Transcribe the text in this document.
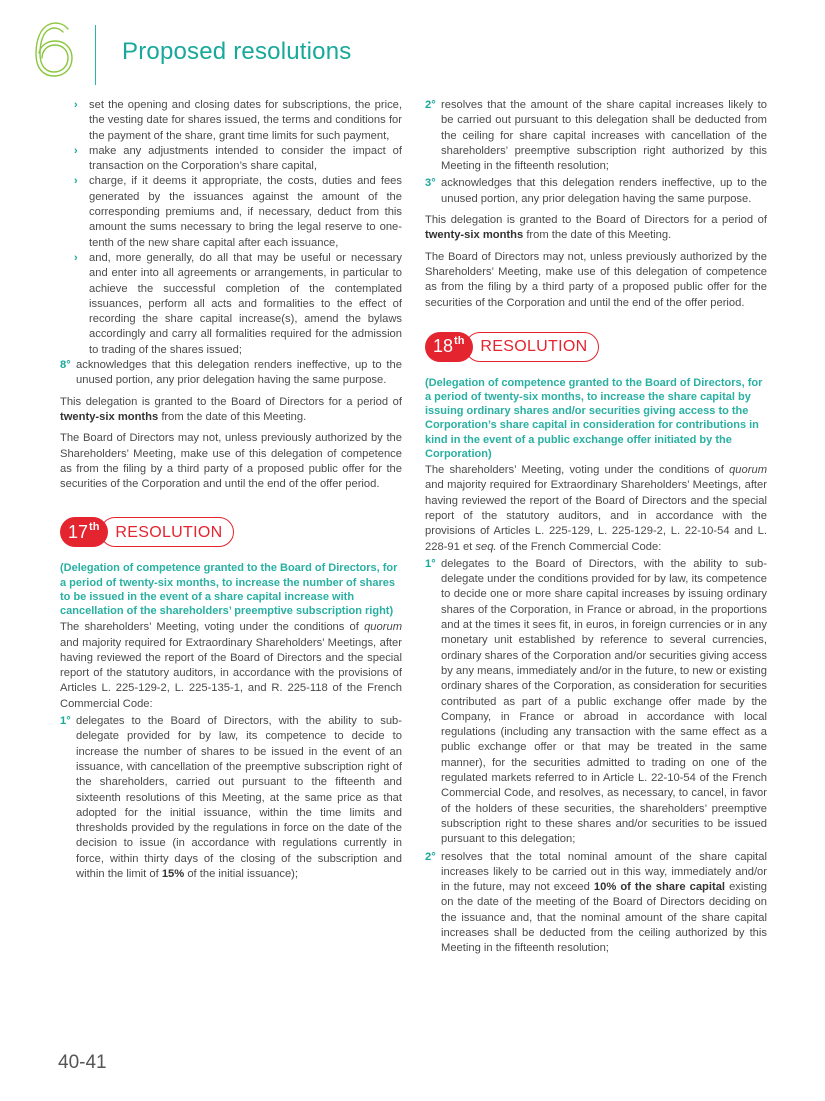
Proposed resolutions
› set the opening and closing dates for subscriptions, the price, the vesting date for shares issued, the terms and conditions for the payment of the share, grant time limits for such payment,
› make any adjustments intended to consider the impact of transaction on the Corporation’s share capital,
› charge, if it deems it appropriate, the costs, duties and fees generated by the issuances against the amount of the corresponding premiums and, if necessary, deduct from this amount the sums necessary to bring the legal reserve to one-tenth of the new share capital after each issuance,
› and, more generally, do all that may be useful or necessary and enter into all agreements or arrangements, in particular to achieve the successful completion of the contemplated issuances, perform all acts and formalities to the effect of recording the share capital increase(s), amend the bylaws accordingly and carry all formalities required for the admission to trading of the shares issued;
8° acknowledges that this delegation renders ineffective, up to the unused portion, any prior delegation having the same purpose.

This delegation is granted to the Board of Directors for a period of twenty-six months from the date of this Meeting.

The Board of Directors may not, unless previously authorized by the Shareholders’ Meeting, make use of this delegation of competence as from the filing by a third party of a proposed public offer for the securities of the Corporation and until the end of the offer period.

17th	RESOLUTION
(Delegation of competence granted to the Board of Directors, for a period of twenty-six months, to increase the number of shares to be issued in the event of a share capital increase with cancellation of the shareholders’ preemptive subscription right)

The shareholders’ Meeting, voting under the conditions of quorum and majority required for Extraordinary Shareholders’ Meetings, after having reviewed the report of the Board of Directors and the special report of the statutory auditors, in accordance with the provisions of Articles L. 225-129-2, L. 225-135-1, and R. 225-118 of the French Commercial Code:

1° delegates to the Board of Directors, with the ability to sub-delegate provided for by law, its competence to decide to increase the number of shares to be issued in the event of an issuance, with cancellation of the preemptive subscription right of the shareholders, carried out pursuant to the fifteenth and sixteenth resolutions of this Meeting, at the same price as that adopted for the initial issuance, within the time limits and thresholds provided by the regulations in force on the date of the decision to issue (in accordance with regulations currently in force, within thirty days of the closing of the subscription and within the limit of 15% of the initial issuance);
2° resolves that the amount of the share capital increases likely to be carried out pursuant to this delegation shall be deducted from the ceiling for share capital increases with cancellation of the shareholders’ preemptive subscription right authorized by this Meeting in the fifteenth resolution;
3° acknowledges that this delegation renders ineffective, up to the unused portion, any prior delegation having the same purpose.

This delegation is granted to the Board of Directors for a period of twenty-six months from the date of this Meeting.

The Board of Directors may not, unless previously authorized by the Shareholders’ Meeting, make use of this delegation of competence as from the filing by a third party of a proposed public offer for the securities of the Corporation and until the end of the offer period.

18th	RESOLUTION
(Delegation of competence granted to the Board of Directors, for a period of twenty-six months, to increase the share capital by issuing ordinary shares and/or securities giving access to the Corporation’s share capital in consideration for contributions in kind in the event of a public exchange offer initiated by the Corporation)

The shareholders’ Meeting, voting under the conditions of quorum and majority required for Extraordinary Shareholders’ Meetings, after having reviewed the report of the Board of Directors and the special report of the statutory auditors, and in accordance with the provisions of Articles L. 225-129, L. 225-129-2, L. 22-10-54 and L. 228-91 et seq. of the French Commercial Code:

1° delegates to the Board of Directors, with the ability to sub-delegate under the conditions provided for by law, its competence to decide one or more share capital increases by issuing ordinary shares of the Corporation, in France or abroad, in the proportions and at the times it sees fit, in euros, in foreign currencies or in any monetary unit established by reference to several currencies, ordinary shares of the Corporation and/or securities giving access by any means, immediately and/or in the future, to new or existing ordinary shares of the Corporation, as consideration for securities contributed as part of a public exchange offer made by the Company, in France or abroad in accordance with local regulations (including any transaction with the same effect as a public exchange offer or that may be treated in the same manner), for the securities admitted to trading on one of the regulated markets referred to in Article L. 22-10-54 of the French Commercial Code, and resolves, as necessary, to cancel, in favor of the holders of these securities, the shareholders’ preemptive subscription right to these shares and/or securities to be issued pursuant to this delegation;
2° resolves that the total nominal amount of the share capital increases likely to be carried out in this way, immediately and/or in the future, may not exceed 10% of the share capital existing on the date of the meeting of the Board of Directors deciding on the issuance and, that the nominal amount of the share capital increases shall be deducted from the ceiling authorized by this Meeting in the fifteenth resolution;
40-41
